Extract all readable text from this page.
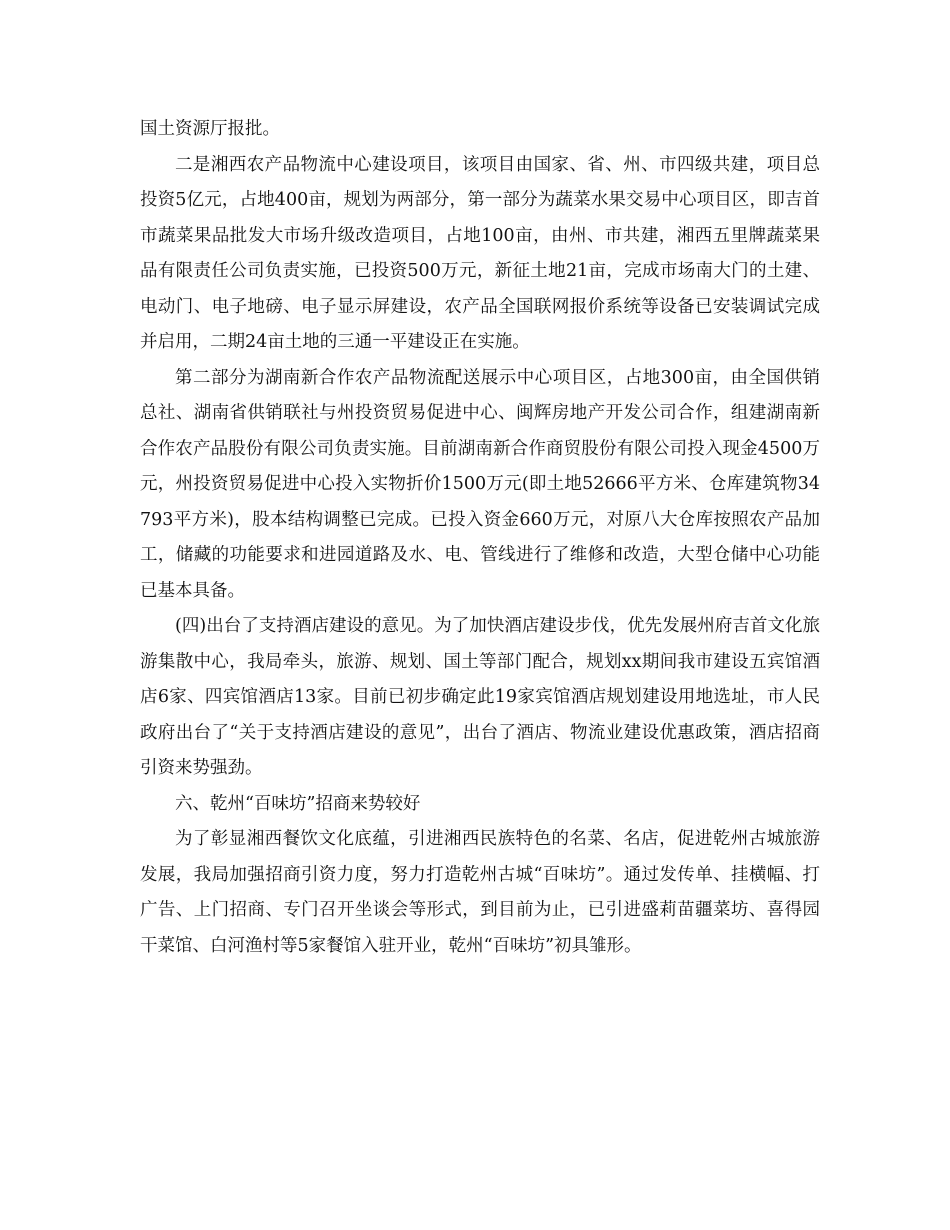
国土资源厅报批。

二是湘西农产品物流中心建设项目，该项目由国家、省、州、市四级共建，项目总投资5亿元，占地400亩，规划为两部分，第一部分为蔬菜水果交易中心项目区，即吉首市蔬菜果品批发大市场升级改造项目，占地100亩，由州、市共建，湘西五里牌蔬菜果品有限责任公司负责实施，已投资500万元，新征土地21亩，完成市场南大门的土建、电动门、电子地磅、电子显示屏建设，农产品全国联网报价系统等设备已安装调试完成并启用，二期24亩土地的三通一平建设正在实施。

第二部分为湖南新合作农产品物流配送展示中心项目区，占地300亩，由全国供销总社、湖南省供销联社与州投资贸易促进中心、闽辉房地产开发公司合作，组建湖南新合作农产品股份有限公司负责实施。目前湖南新合作商贸股份有限公司投入现金4500万元，州投资贸易促进中心投入实物折价1500万元(即土地52666平方米、仓库建筑物34793平方米)，股本结构调整已完成。已投入资金660万元，对原八大仓库按照农产品加工，储藏的功能要求和进园道路及水、电、管线进行了维修和改造，大型仓储中心功能已基本具备。

(四)出台了支持酒店建设的意见。为了加快酒店建设步伐，优先发展州府吉首文化旅游集散中心，我局牵头，旅游、规划、国土等部门配合，规划xx期间我市建设五宾馆酒店6家、四宾馆酒店13家。目前已初步确定此19家宾馆酒店规划建设用地选址，市人民政府出台了“关于支持酒店建设的意见”，出台了酒店、物流业建设优惠政策，酒店招商引资来势强劲。

六、乾州“百味坊”招商来势较好

为了彰显湘西餐饮文化底蕴，引进湘西民族特色的名菜、名店，促进乾州古城旅游发展，我局加强招商引资力度，努力打造乾州古城“百味坊”。通过发传单、挂横幅、打广告、上门招商、专门召开坐谈会等形式，到目前为止，已引进盛莉苗疆菜坊、喜得园干菜馆、白河渔村等5家餐馆入驻开业，乾州“百味坊”初具雏形。
